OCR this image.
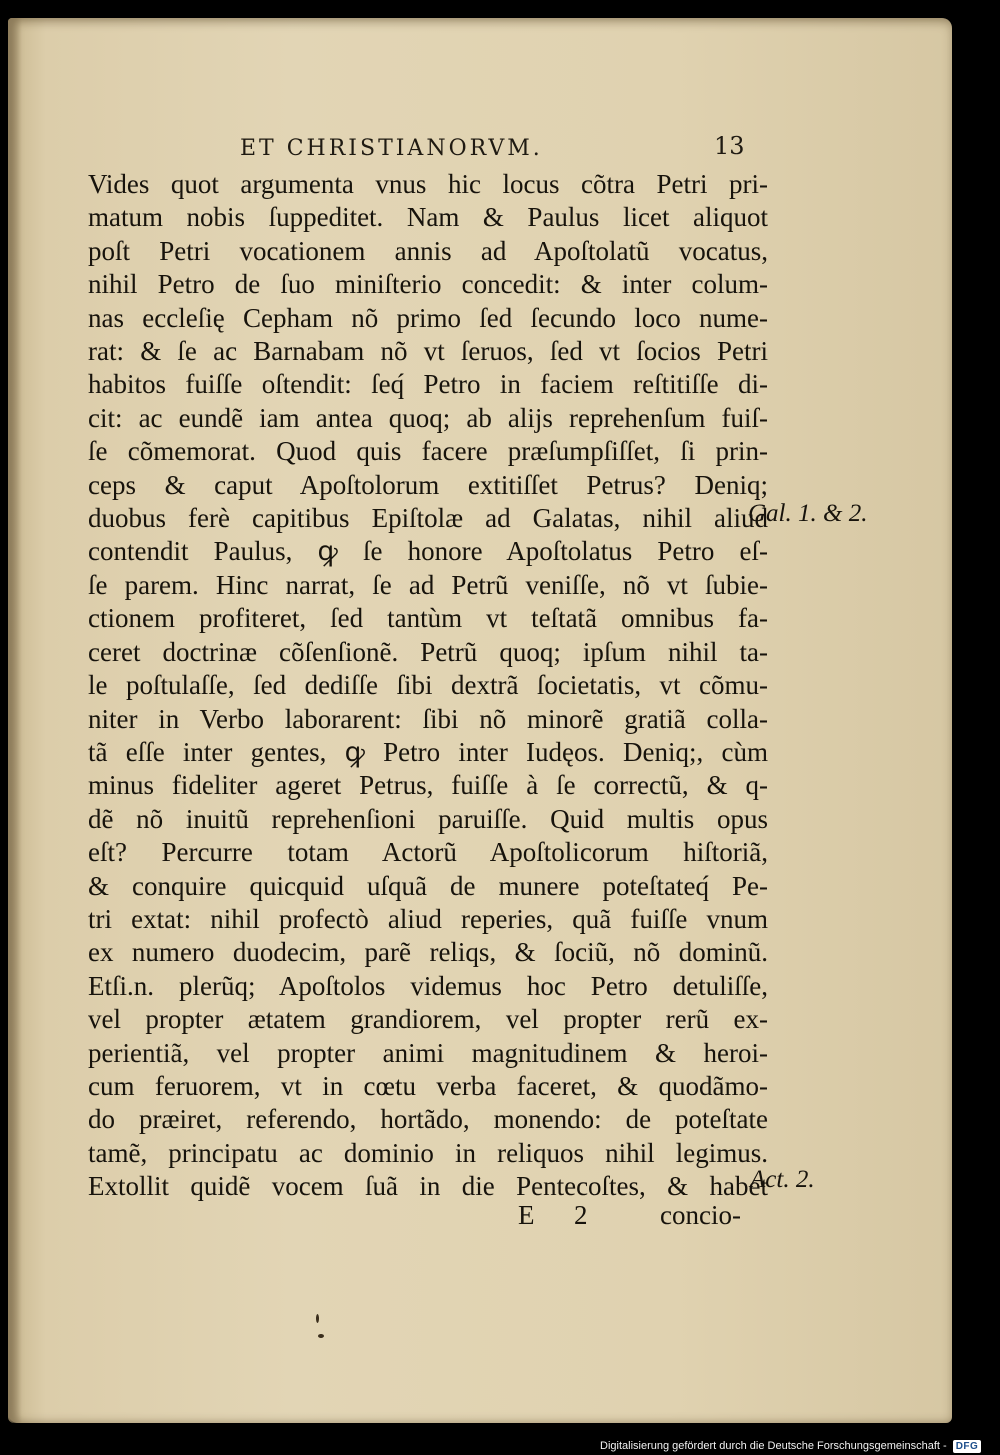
ET CHRISTIANORVM.	13
Vides quot argumenta vnus hic locus cõtra Petri pri-
matum nobis ſuppeditet. Nam & Paulus licet aliquot
poſt Petri vocationem annis ad Apoſtolatũ vocatus,
nihil Petro de ſuo miniſterio concedit: & inter colum-
nas eccleſię Cepham nõ primo ſed ſecundo loco nume-
rat: & ſe ac Barnabam nõ vt ſeruos, ſed vt ſocios Petri
habitos fuiſſe oſtendit: ſeq́ Petro in faciem reſtitiſſe di-
cit: ac eundẽ iam antea quoq; ab alijs reprehenſum fuiſ-
ſe cõmemorat. Quod quis facere præſumpſiſſet, ſi prin-
ceps & caput Apoſtolorum extitiſſet Petrus? Deniq;
duobus ferè capitibus Epiſtolæ ad Galatas, nihil aliud
contendit Paulus, ꝙ ſe honore Apoſtolatus Petro eſ-
ſe parem. Hinc narrat, ſe ad Petrũ veniſſe, nõ vt ſubie-
ctionem profiteret, ſed tantùm vt teſtatã omnibus fa-
ceret doctrinæ cõſenſionẽ. Petrũ quoq; ipſum nihil ta-
le poſtulaſſe, ſed dediſſe ſibi dextrã ſocietatis, vt cõmu-
niter in Verbo laborarent: ſibi nõ minorẽ gratiã colla-
tã eſſe inter gentes, ꝙ Petro inter Iudęos. Deniq;, cùm
minus fideliter ageret Petrus, fuiſſe à ſe correctũ, & q-
dẽ nõ inuitũ reprehenſioni paruiſſe. Quid multis opus
eſt? Percurre totam Actorũ Apoſtolicorum hiſtoriã,
& conquire quicquid uſquã de munere poteſtateq́ Pe-
tri extat: nihil profectò aliud reperies, quã fuiſſe vnum
ex numero duodecim, parẽ reliqs, & ſociũ, nõ dominũ.
Etſi.n. plerũq; Apoſtolos videmus hoc Petro detuliſſe,
vel propter ætatem grandiorem, vel propter rerũ ex-
perientiã, vel propter animi magnitudinem & heroi-
cum feruorem, vt in cœtu verba faceret, & quodãmo-
do præiret, referendo, hortãdo, monendo: de poteſtate
tamẽ, principatu ac dominio in reliquos nihil legimus.
Extollit quidẽ vocem ſuã in die Pentecoſtes, & habet
Gal. 1. & 2.
Act. 2.
E 2	concio-
Digitalisierung gefördert durch die Deutsche Forschungsgemeinschaft - DFG
